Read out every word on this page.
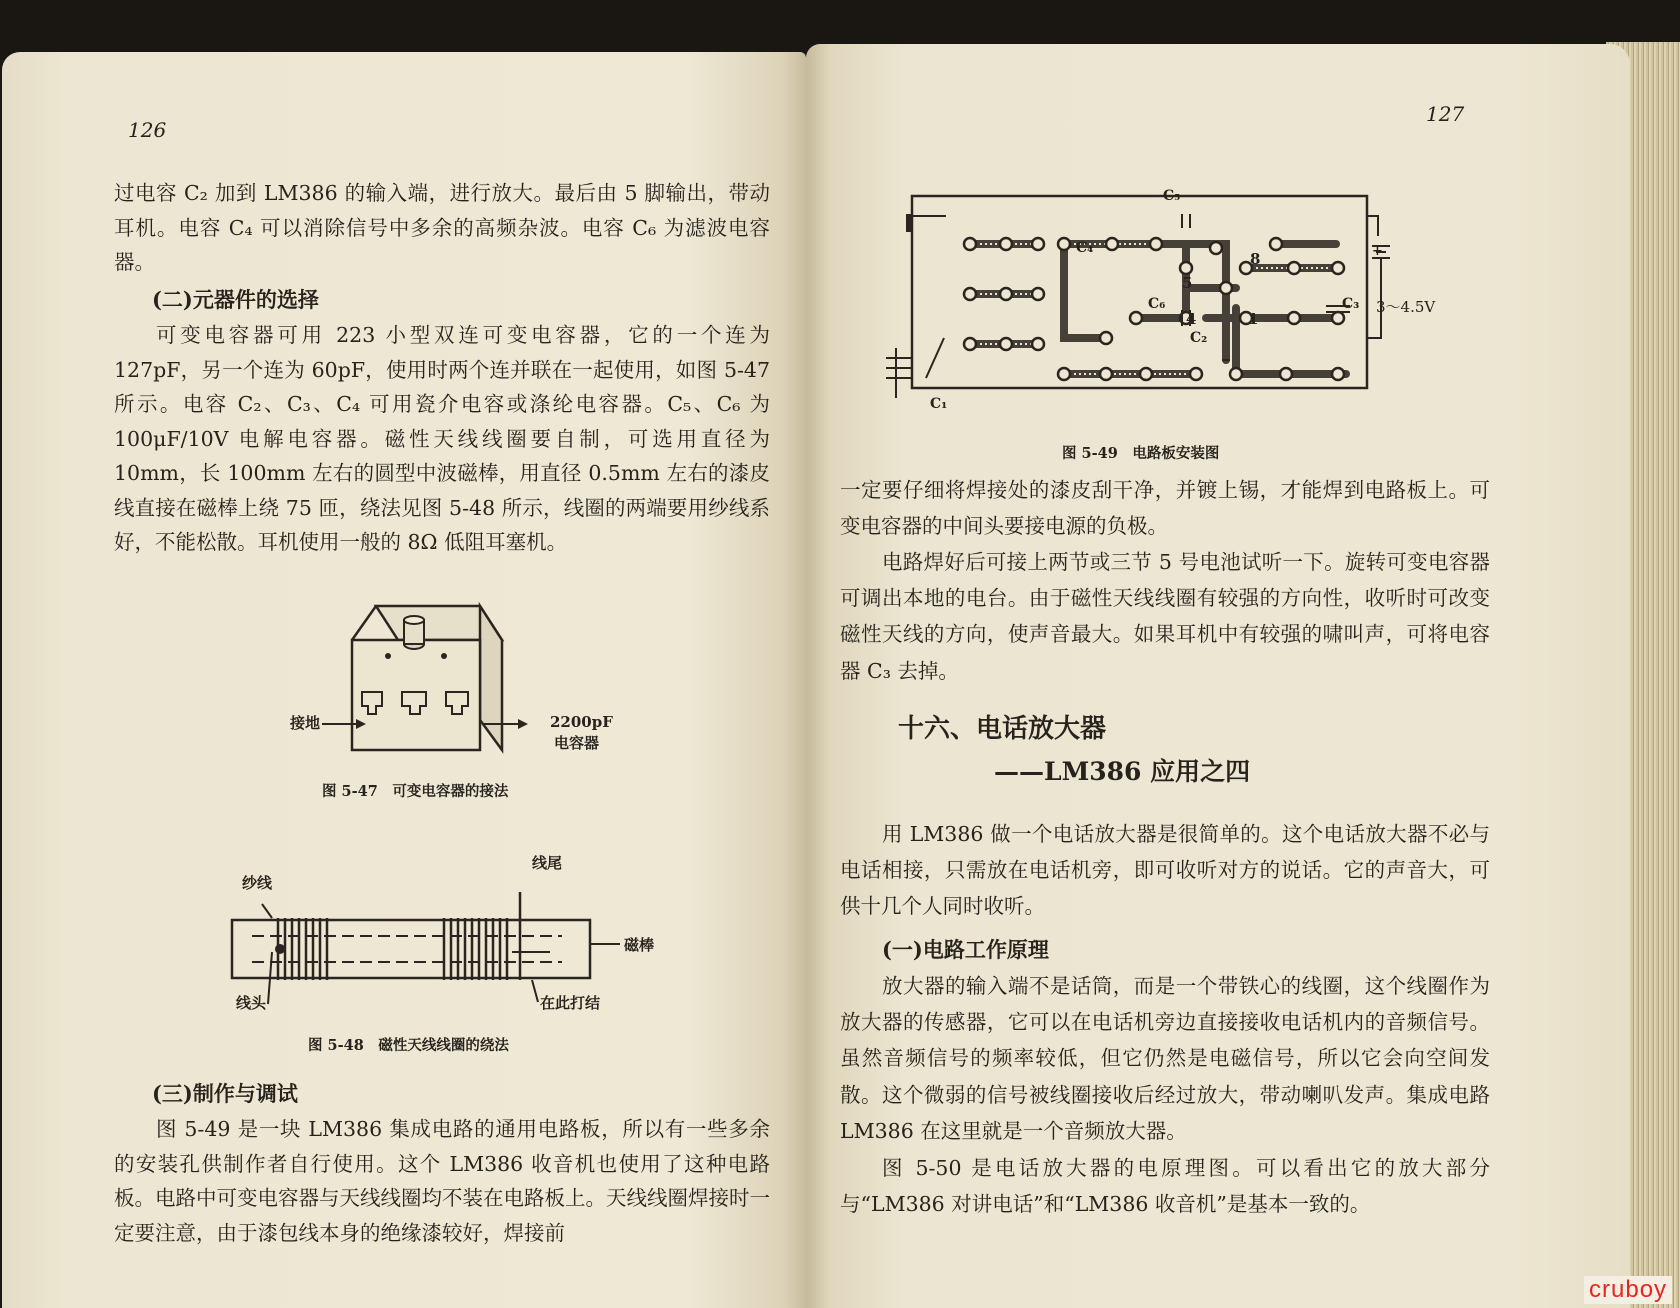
126

过电容 C₂ 加到 LM386 的输入端，进行放大。最后由 5 脚输出，带动耳机。电容 C₄ 可以消除信号中多余的高频杂波。电容 C₆ 为滤波电容器。

(二)元器件的选择

可变电容器可用 223 小型双连可变电容器，它的一个连为 127pF，另一个连为 60pF，使用时两个连并联在一起使用，如图 5-47 所示。电容 C₂、C₃、C₄ 可用瓷介电容或涤纶电容器。C₅、C₆ 为 100μF/10V 电解电容器。磁性天线线圈要自制，可选用直径为 10mm，长 100mm 左右的圆型中波磁棒，用直径 0.5mm 左右的漆皮线直接在磁棒上绕 75 匝，绕法见图 5-48 所示，线圈的两端要用纱线系好，不能松散。耳机使用一般的 8Ω 低阻耳塞机。

接地	2200pF
电容器
图 5-47　可变电容器的接法
纱线
线尾
磁棒
线头	在此打结
图 5-48　磁性天线线圈的绕法
(三)制作与调试

图 5-49 是一块 LM386 集成电路的通用电路板，所以有一些多余的安装孔供制作者自行使用。这个 LM386 收音机也使用了这种电路板。电路中可变电容器与天线线圈均不装在电路板上。天线线圈焊接时一定要注意，由于漆包线本身的绝缘漆较好，焊接前

127
C₅
C₄
C₆	C₃
C₂
C₁
8
5
4	1
+
3～4.5V
图 5-49　电路板安装图

一定要仔细将焊接处的漆皮刮干净，并镀上锡，才能焊到电路板上。可变电容器的中间头要接电源的负极。

电路焊好后可接上两节或三节 5 号电池试听一下。旋转可变电容器可调出本地的电台。由于磁性天线线圈有较强的方向性，收听时可改变磁性天线的方向，使声音最大。如果耳机中有较强的啸叫声，可将电容器 C₃ 去掉。

十六、电话放大器
——LM386 应用之四

用 LM386 做一个电话放大器是很简单的。这个电话放大器不必与电话相接，只需放在电话机旁，即可收听对方的说话。它的声音大，可供十几个人同时收听。

(一)电路工作原理

放大器的输入端不是话筒，而是一个带铁心的线圈，这个线圈作为放大器的传感器，它可以在电话机旁边直接接收电话机内的音频信号。虽然音频信号的频率较低，但它仍然是电磁信号，所以它会向空间发散。这个微弱的信号被线圈接收后经过放大，带动喇叭发声。集成电路 LM386 在这里就是一个音频放大器。

图 5-50 是电话放大器的电原理图。可以看出它的放大部分与“LM386 对讲电话”和“LM386 收音机”是基本一致的。

cruboy
